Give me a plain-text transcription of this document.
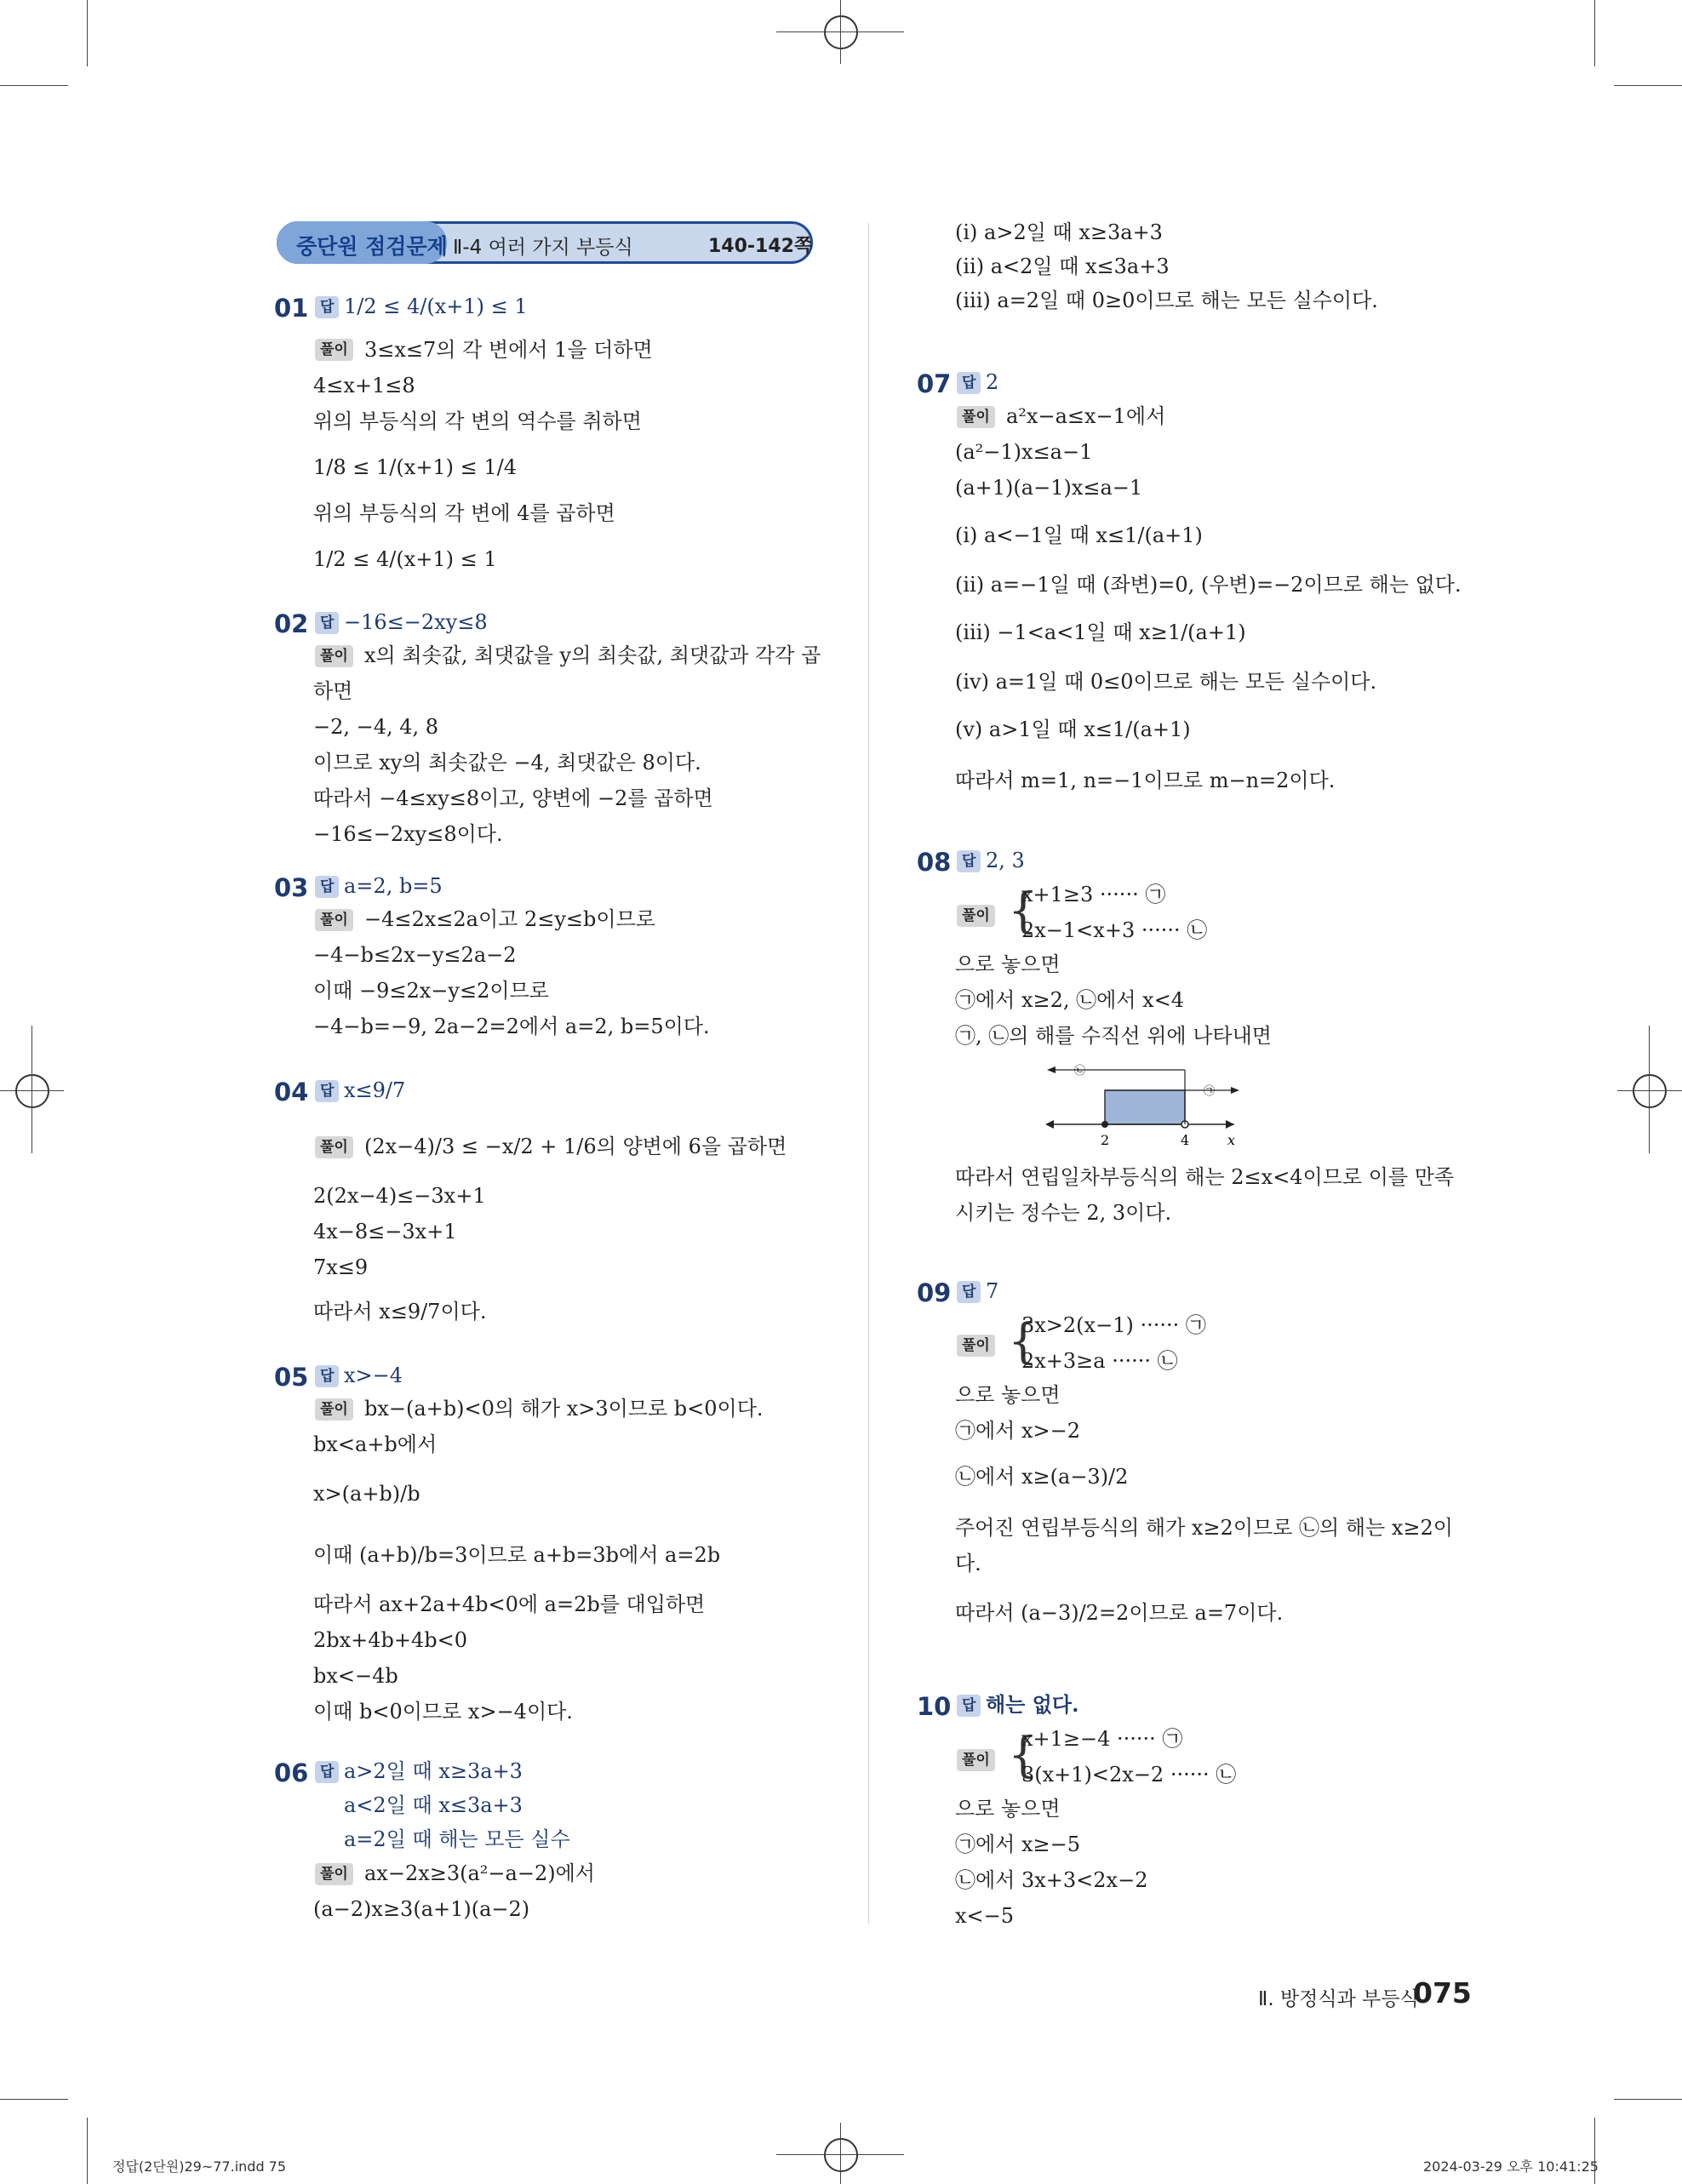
중단원 점검문제 Ⅱ-4 여러 가지 부등식	140-142쪽
01 답 1/2 ≤ 4/(x+1) ≤ 1
풀이 3≤x≤7의 각 변에서 1을 더하면
4≤x+1≤8
위의 부등식의 각 변의 역수를 취하면
1/8 ≤ 1/(x+1) ≤ 1/4
위의 부등식의 각 변에 4를 곱하면
1/2 ≤ 4/(x+1) ≤ 1
02 답 −16≤−2xy≤8
풀이 x의 최솟값, 최댓값을 y의 최솟값, 최댓값과 각각 곱
하면
−2, −4, 4, 8
이므로 xy의 최솟값은 −4, 최댓값은 8이다.
따라서 −4≤xy≤8이고, 양변에 −2를 곱하면
−16≤−2xy≤8이다.
03 답 a=2, b=5
풀이 −4≤2x≤2a이고 2≤y≤b이므로
−4−b≤2x−y≤2a−2
이때 −9≤2x−y≤2이므로
−4−b=−9, 2a−2=2에서 a=2, b=5이다.
04 답 x≤9/7
풀이 (2x−4)/3 ≤ −x/2 + 1/6의 양변에 6을 곱하면
2(2x−4)≤−3x+1
4x−8≤−3x+1
7x≤9
따라서 x≤9/7이다.
05 답 x>−4
풀이 bx−(a+b)<0의 해가 x>3이므로 b<0이다.
bx<a+b에서
x>(a+b)/b
이때 (a+b)/b=3이므로 a+b=3b에서 a=2b
따라서 ax+2a+4b<0에 a=2b를 대입하면
2bx+4b+4b<0
bx<−4b
이때 b<0이므로 x>−4이다.
06 답 a>2일 때 x≥3a+3
a<2일 때 x≤3a+3
a=2일 때 해는 모든 실수
풀이 ax−2x≥3(a²−a−2)에서
(a−2)x≥3(a+1)(a−2)
(ⅰ) a>2일 때 x≥3a+3
(ⅱ) a<2일 때 x≤3a+3
(ⅲ) a=2일 때 0≥0이므로 해는 모든 실수이다.
07 답 2
풀이 a²x−a≤x−1에서
(a²−1)x≤a−1
(a+1)(a−1)x≤a−1
(ⅰ) a<−1일 때 x≤1/(a+1)
(ⅱ) a=−1일 때 (좌변)=0, (우변)=−2이므로 해는 없다.
(ⅲ) −1<a<1일 때 x≥1/(a+1)
(ⅳ) a=1일 때 0≤0이므로 해는 모든 실수이다.
(ⅴ) a>1일 때 x≤1/(a+1)
따라서 m=1, n=−1이므로 m−n=2이다.
08 답 2, 3
풀이 {
x+1≥3 ······ ㉠
2x−1<x+3 ······ ㉡
으로 놓으면
㉠에서 x≥2, ㉡에서 x<4
㉠, ㉡의 해를 수직선 위에 나타내면
㉡
㉠
2	4	x
따라서 연립일차부등식의 해는 2≤x<4이므로 이를 만족
시키는 정수는 2, 3이다.
09 답 7
풀이 {
3x>2(x−1) ······ ㉠
2x+3≥a ······ ㉡
으로 놓으면
㉠에서 x>−2
㉡에서 x≥(a−3)/2
주어진 연립부등식의 해가 x≥2이므로 ㉡의 해는 x≥2이
다.
따라서 (a−3)/2=2이므로 a=7이다.
10 답 해는 없다.
풀이 {
x+1≥−4 ······ ㉠
3(x+1)<2x−2 ······ ㉡
으로 놓으면
㉠에서 x≥−5
㉡에서 3x+3<2x−2
x<−5
Ⅱ. 방정식과 부등식
075
정답(2단원)29~77.indd 75	2024-03-29 오후 10:41:25
